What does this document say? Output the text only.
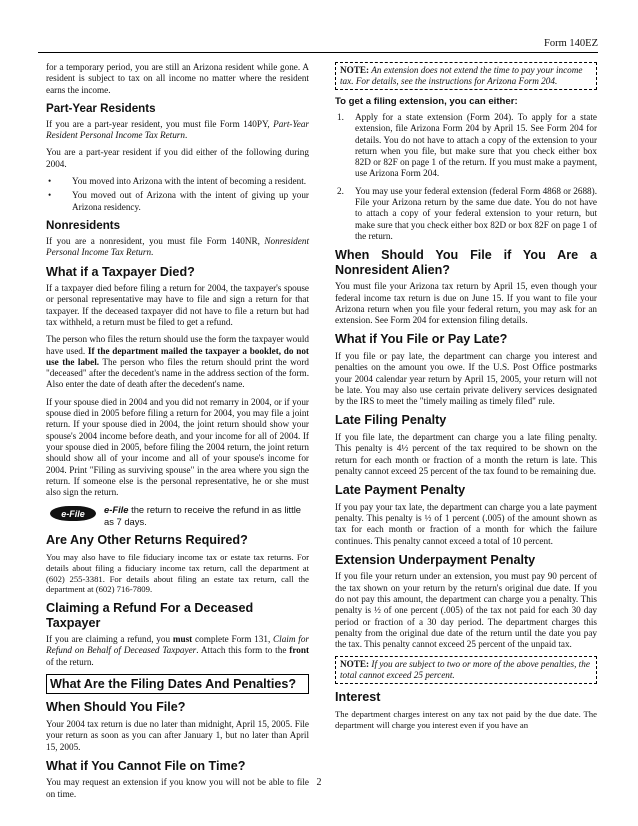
Form 140EZ

for a temporary period, you are still an Arizona resident while gone. A resident is subject to tax on all income no matter where the resident earns the income.

Part-Year Residents

If you are a part-year resident, you must file Form 140PY, Part-Year Resident Personal Income Tax Return.

You are a part-year resident if you did either of the following during 2004.

• You moved into Arizona with the intent of becoming a resident.
• You moved out of Arizona with the intent of giving up your Arizona residency.
Nonresidents

If you are a nonresident, you must file Form 140NR, Nonresident Personal Income Tax Return.

What if a Taxpayer Died?

If a taxpayer died before filing a return for 2004, the taxpayer's spouse or personal representative may have to file and sign a return for that taxpayer. If the deceased taxpayer did not have to file a return but had tax withheld, a return must be filed to get a refund.

The person who files the return should use the form the taxpayer would have used. If the department mailed the taxpayer a booklet, do not use the label. The person who files the return should print the word "deceased" after the decedent's name in the address section of the form. Also enter the date of death after the decedent's name.

If your spouse died in 2004 and you did not remarry in 2004, or if your spouse died in 2005 before filing a return for 2004, you may file a joint return. If your spouse died in 2004, the joint return should show your spouse's 2004 income before death, and your income for all of 2004. If your spouse died in 2005, before filing the 2004 return, the joint return should show all of your income and all of your spouse's income for 2004. Print "Filing as surviving spouse" in the area where you sign the return. If someone else is the personal representative, he or she must also sign the return.

e-File	e-File the return to receive the refund in as little as 7 days.
Are Any Other Returns Required?

You may also have to file fiduciary income tax or estate tax returns. For details about filing a fiduciary income tax return, call the department at (602) 255-3381. For details about filing an estate tax return, call the department at (602) 716-7809.

Claiming a Refund For a Deceased Taxpayer

If you are claiming a refund, you must complete Form 131, Claim for Refund on Behalf of Deceased Taxpayer. Attach this form to the front of the return.

What Are the Filing Dates And Penalties?
When Should You File?

Your 2004 tax return is due no later than midnight, April 15, 2005. File your return as soon as you can after January 1, but no later than April 15, 2005.

What if You Cannot File on Time?

You may request an extension if you know you will not be able to file on time.

NOTE: An extension does not extend the time to pay your income tax. For details, see the instructions for Arizona Form 204.
To get a filing extension, you can either:
1. Apply for a state extension (Form 204). To apply for a state extension, file Arizona Form 204 by April 15. See Form 204 for details. You do not have to attach a copy of the extension to your return when you file, but make sure that you check either box 82D or 82F on page 1 of the return. If you must make a payment, use Arizona Form 204.
2. You may use your federal extension (federal Form 4868 or 2688). File your Arizona return by the same due date. You do not have to attach a copy of your federal extension to your return, but make sure that you check either box 82D or box 82F on page 1 of the return.
When Should You File if You Are a Nonresident Alien?

You must file your Arizona tax return by April 15, even though your federal income tax return is due on June 15. If you want to file your Arizona return when you file your federal return, you may ask for an extension. See Form 204 for extension filing details.

What if You File or Pay Late?

If you file or pay late, the department can charge you interest and penalties on the amount you owe. If the U.S. Post Office postmarks your 2004 calendar year return by April 15, 2005, your return will not be late. You may also use certain private delivery services designated by the IRS to meet the "timely mailing as timely filed" rule.

Late Filing Penalty

If you file late, the department can charge you a late filing penalty. This penalty is 4½ percent of the tax required to be shown on the return for each month or fraction of a month the return is late. This penalty cannot exceed 25 percent of the tax found to be remaining due.

Late Payment Penalty

If you pay your tax late, the department can charge you a late payment penalty. This penalty is ½ of 1 percent (.005) of the amount shown as tax for each month or fraction of a month for which the failure continues. This penalty cannot exceed a total of 10 percent.

Extension Underpayment Penalty

If you file your return under an extension, you must pay 90 percent of the tax shown on your return by the return's original due date. If you do not pay this amount, the department can charge you a penalty. This penalty is ½ of one percent (.005) of the tax not paid for each 30 day period or fraction of a 30 day period. The department charges this penalty from the original due date of the return until the date you pay the tax. This penalty cannot exceed 25 percent of the unpaid tax.

NOTE: If you are subject to two or more of the above penalties, the total cannot exceed 25 percent.
Interest

The department charges interest on any tax not paid by the due date. The department will charge you interest even if you have an

2
